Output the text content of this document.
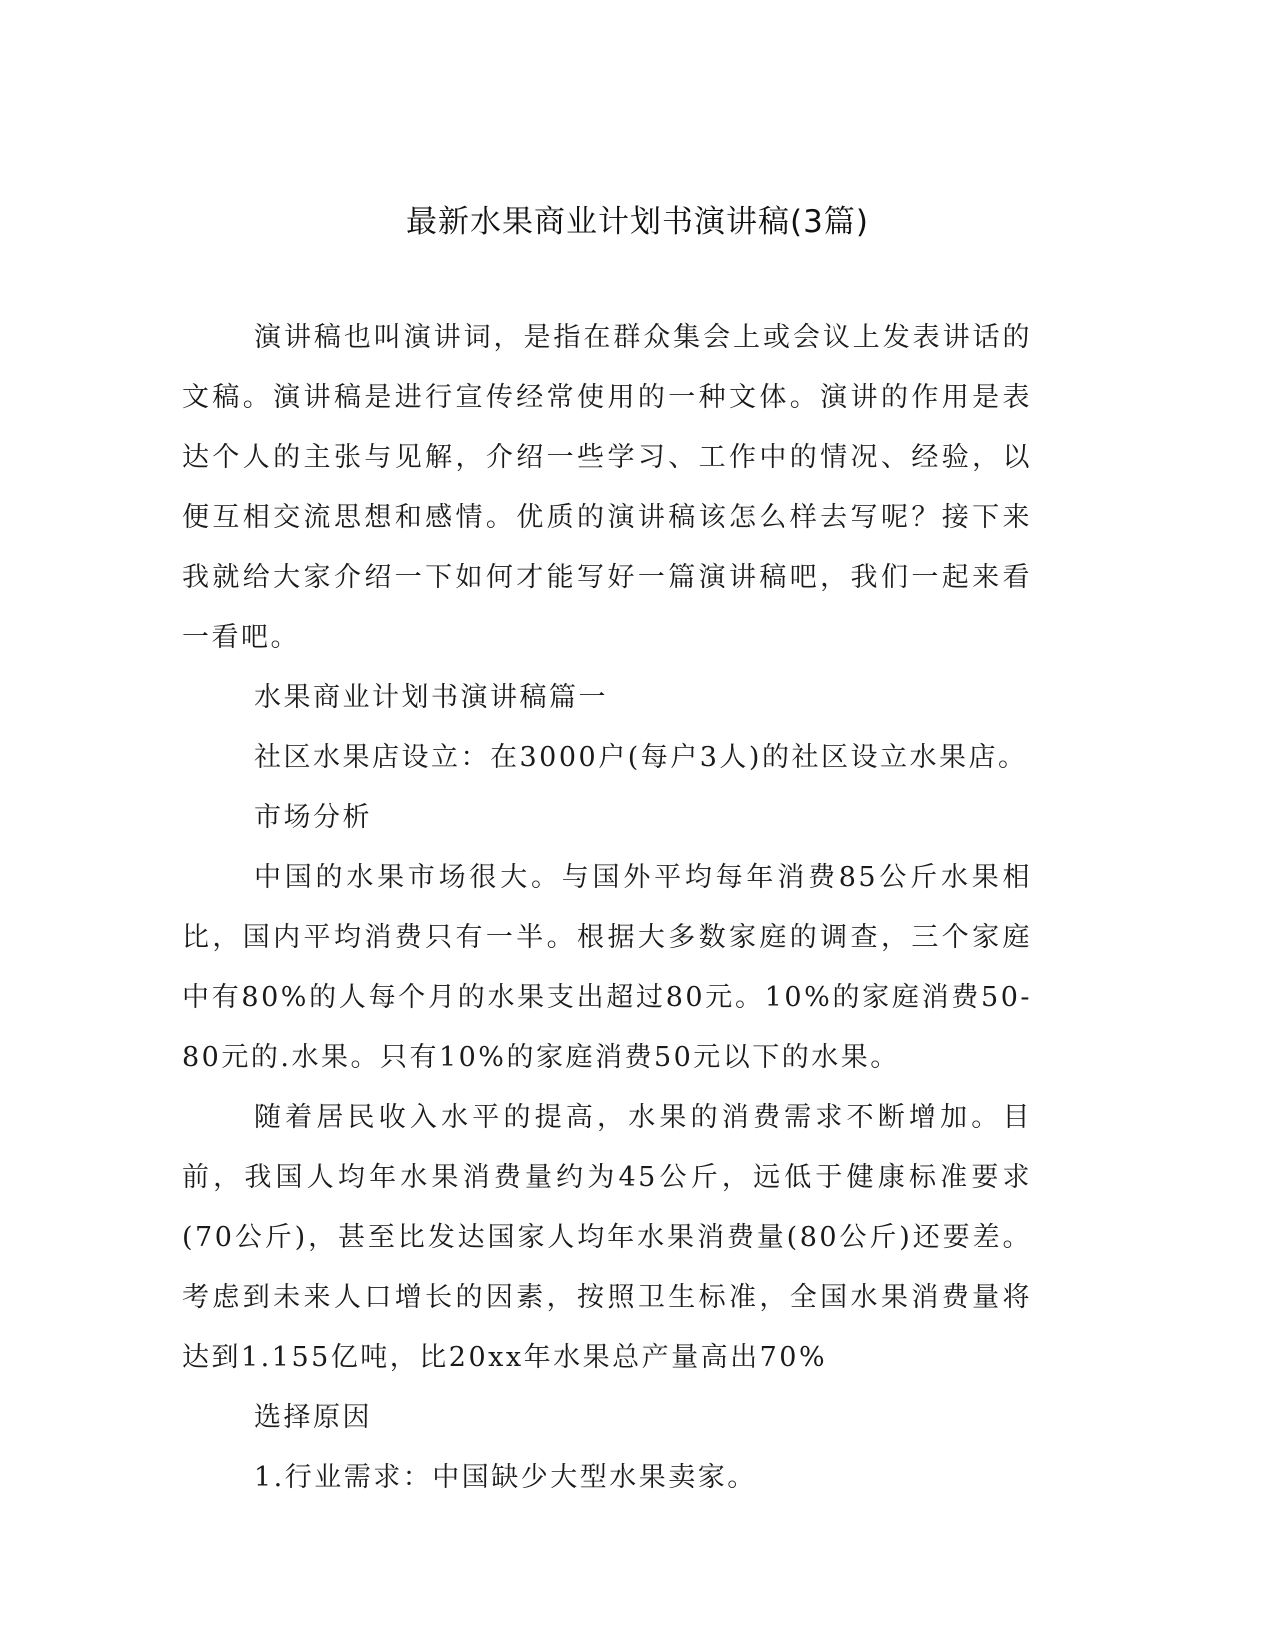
最新水果商业计划书演讲稿(3篇)

演讲稿也叫演讲词，是指在群众集会上或会议上发表讲话的文稿。演讲稿是进行宣传经常使用的一种文体。演讲的作用是表达个人的主张与见解，介绍一些学习、工作中的情况、经验，以便互相交流思想和感情。优质的演讲稿该怎么样去写呢？接下来我就给大家介绍一下如何才能写好一篇演讲稿吧，我们一起来看一看吧。

水果商业计划书演讲稿篇一

社区水果店设立：在3000户(每户3人)的社区设立水果店。

市场分析

中国的水果市场很大。与国外平均每年消费85公斤水果相比，国内平均消费只有一半。根据大多数家庭的调查，三个家庭中有80%的人每个月的水果支出超过80元。10%的家庭消费50-80元的.水果。只有10%的家庭消费50元以下的水果。

随着居民收入水平的提高，水果的消费需求不断增加。目前，我国人均年水果消费量约为45公斤，远低于健康标准要求(70公斤)，甚至比发达国家人均年水果消费量(80公斤)还要差。考虑到未来人口增长的因素，按照卫生标准，全国水果消费量将达到1.155亿吨，比20xx年水果总产量高出70%

选择原因

1.行业需求：中国缺少大型水果卖家。
